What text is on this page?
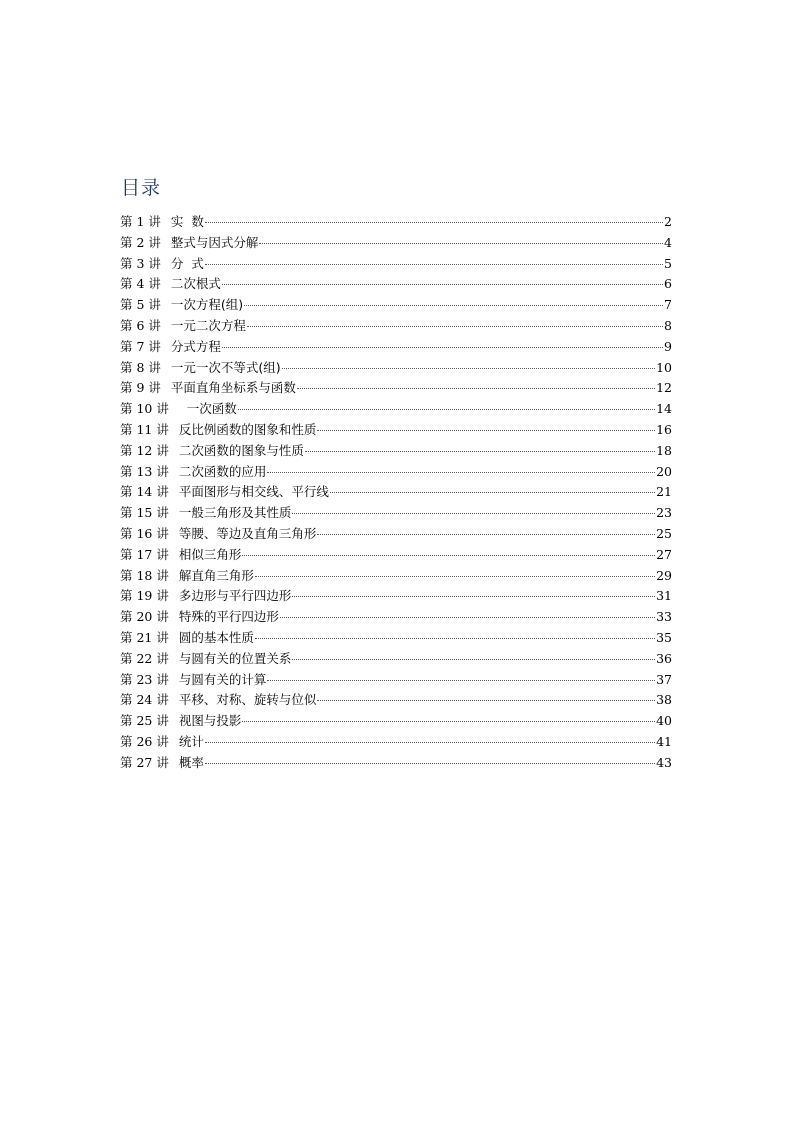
目录
第 1 讲 实  数	2
第 2 讲 整式与因式分解	4
第 3 讲 分  式	5
第 4 讲 二次根式	6
第 5 讲 一次方程(组)	7
第 6 讲 一元二次方程	8
第 7 讲 分式方程	9
第 8 讲 一元一次不等式(组)	10
第 9 讲 平面直角坐标系与函数	12
第 10 讲 一次函数	14
第 11 讲 反比例函数的图象和性质	16
第 12 讲 二次函数的图象与性质	18
第 13 讲 二次函数的应用	20
第 14 讲 平面图形与相交线、平行线	21
第 15 讲 一般三角形及其性质	23
第 16 讲 等腰、等边及直角三角形	25
第 17 讲 相似三角形	27
第 18 讲 解直角三角形	29
第 19 讲 多边形与平行四边形	31
第 20 讲 特殊的平行四边形	33
第 21 讲 圆的基本性质	35
第 22 讲 与圆有关的位置关系	36
第 23 讲 与圆有关的计算	37
第 24 讲 平移、对称、旋转与位似	38
第 25 讲 视图与投影	40
第 26 讲 统计	41
第 27 讲 概率	43
